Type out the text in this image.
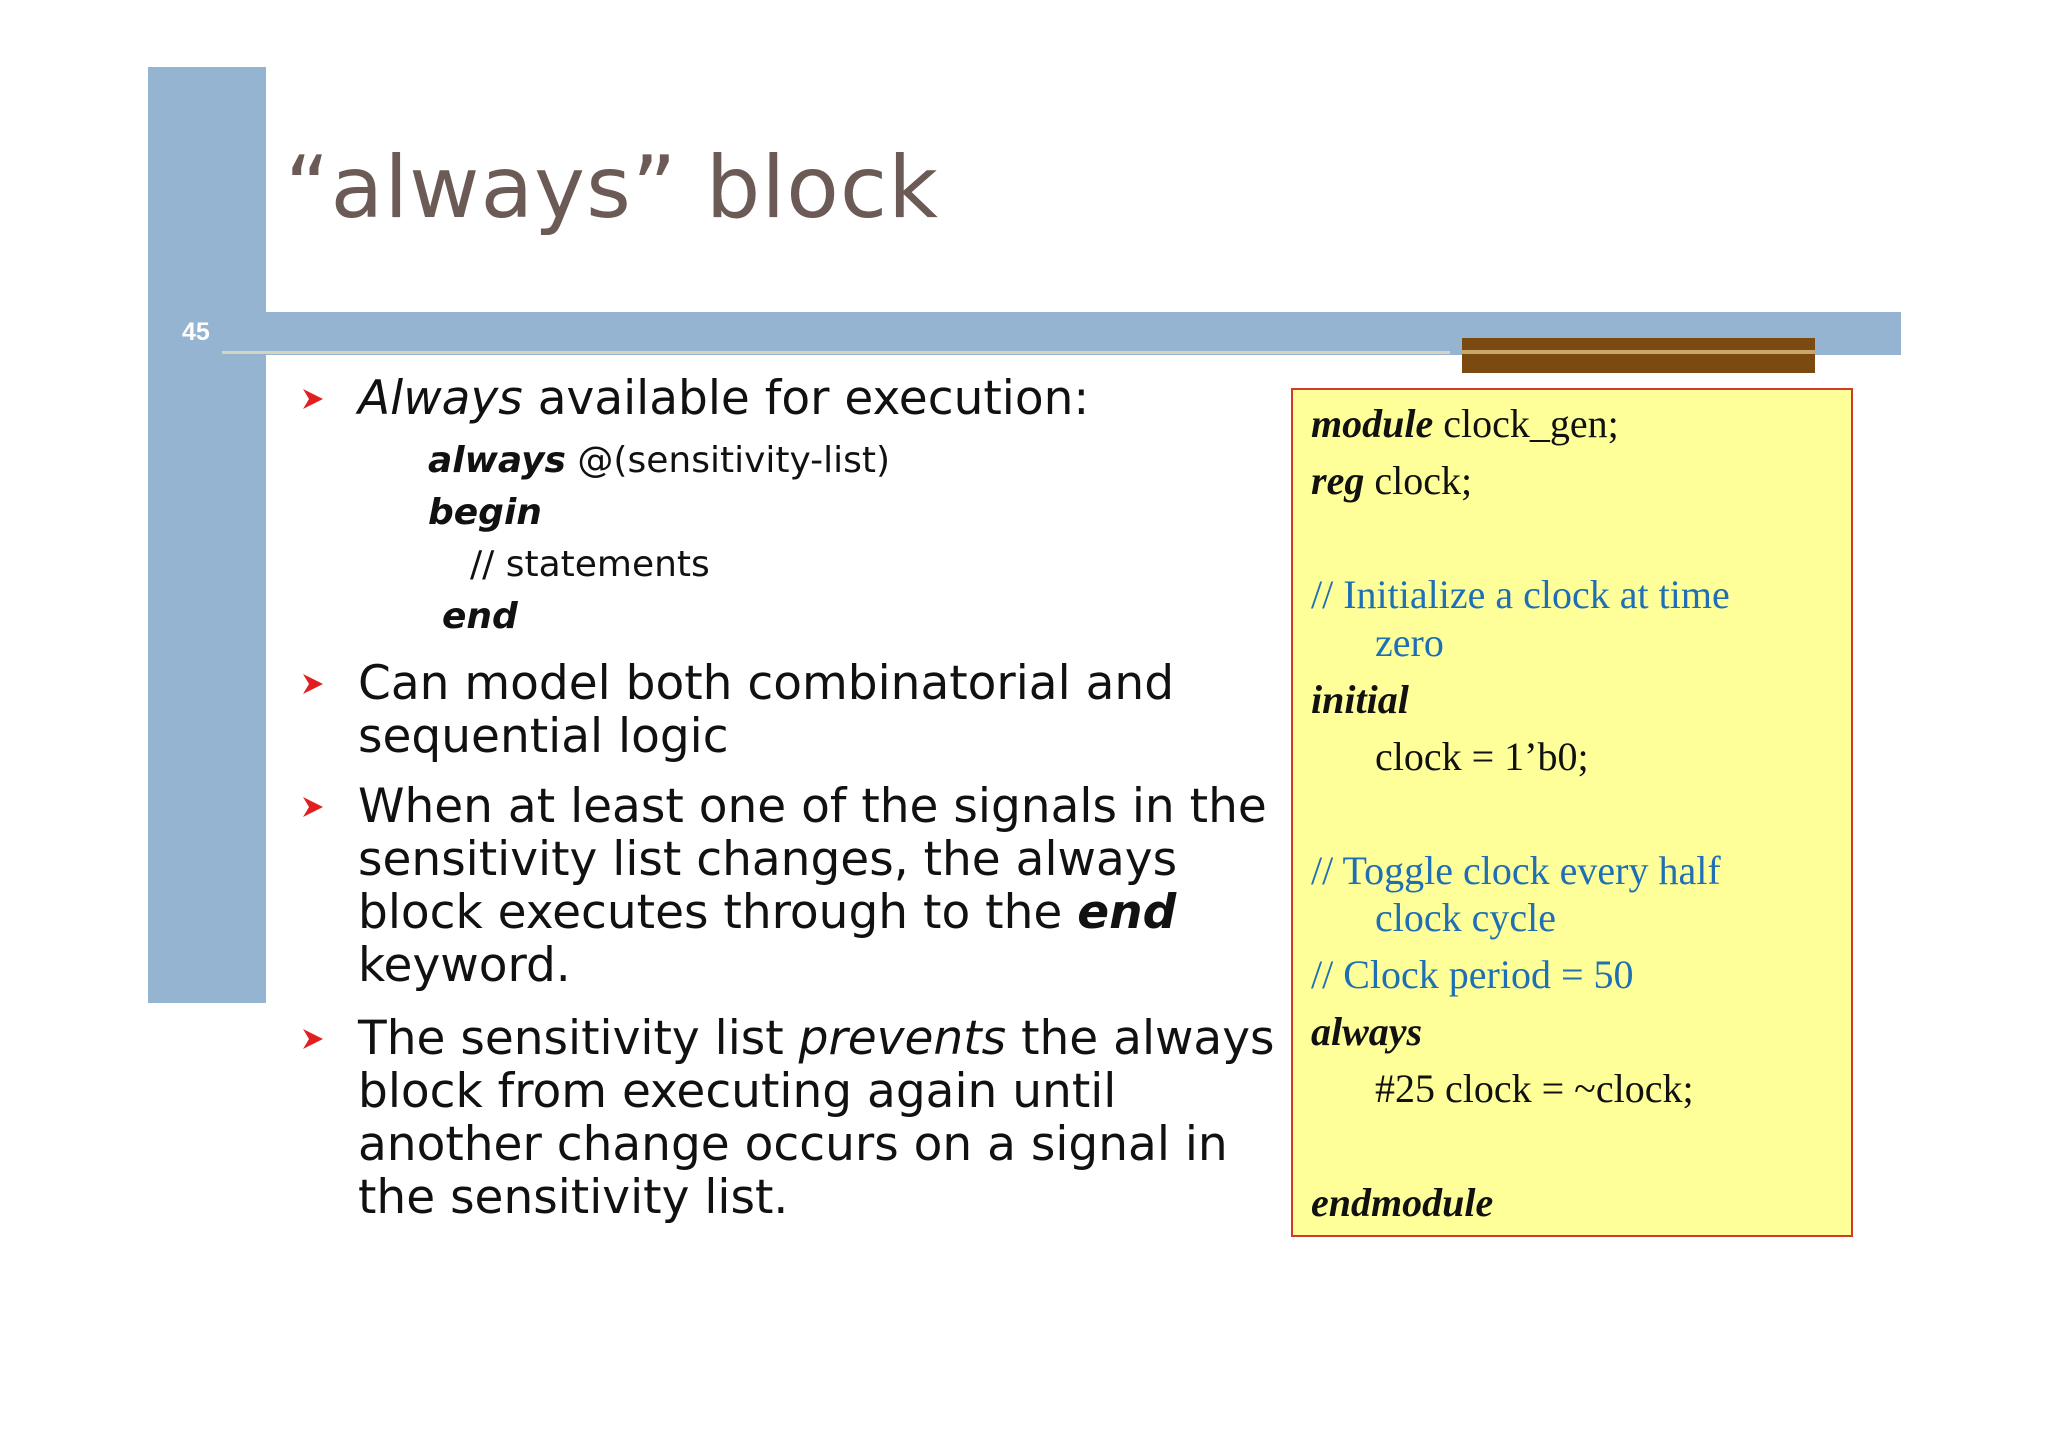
45
“always” block

Always available for execution:

always @(sensitivity-list)
begin
// statements
end

Can model both combinatorial and sequential logic

When at least one of the signals in the sensitivity list changes, the always block executes through to the end keyword.

The sensitivity list prevents the always block from executing again until another change occurs on a signal in the sensitivity list.

module clock_gen;
reg clock;
// Initialize a clock at time
zero
initial
clock = 1’b0;
// Toggle clock every half
clock cycle
// Clock period = 50
always
#25 clock = ~clock;
endmodule
